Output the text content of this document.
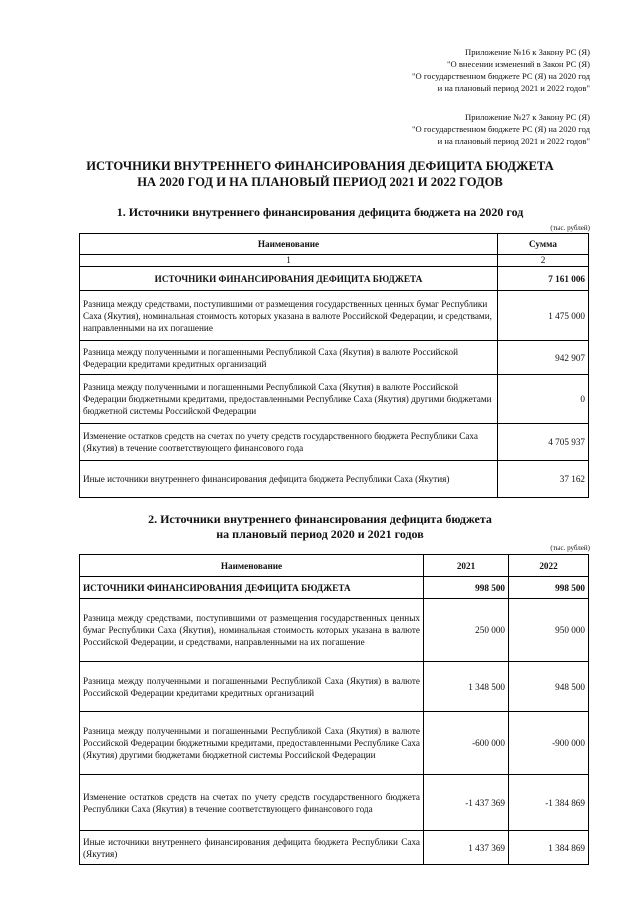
Приложение №16 к Закону РС (Я)
"О внесении изменений в Закон РС (Я)
"О государственном бюджете РС (Я) на 2020 год
и на плановый период 2021 и 2022 годов"
Приложение №27 к Закону РС (Я)
"О государственном бюджете РС (Я) на 2020 год
и на плановый период 2021 и 2022 годов"
ИСТОЧНИКИ ВНУТРЕННЕГО ФИНАНСИРОВАНИЯ ДЕФИЦИТА БЮДЖЕТА
НА 2020 ГОД И НА ПЛАНОВЫЙ ПЕРИОД 2021 И 2022 ГОДОВ
1. Источники внутреннего финансирования дефицита бюджета на 2020 год
(тыс. рублей)
Наименование	Сумма
1	2
ИСТОЧНИКИ ФИНАНСИРОВАНИЯ ДЕФИЦИТА БЮДЖЕТА	7 161 006
Разница между средствами, поступившими от размещения государственных ценных бумаг Республики Саха (Якутия), номинальная стоимость которых указана в валюте Российской Федерации, и средствами, направленными на их погашение	1 475 000
Разница между полученными и погашенными Республикой Саха (Якутия) в валюте Российской Федерации кредитами кредитных организаций	942 907
Разница между полученными и погашенными Республикой Саха (Якутия) в валюте Российской Федерации бюджетными кредитами, предоставленными Республике Саха (Якутия) другими бюджетами бюджетной системы Российской Федерации	0
Изменение остатков средств на счетах по учету средств государственного бюджета Республики Саха (Якутия) в течение соответствующего финансового года	4 705 937
Иные источники внутреннего финансирования дефицита бюджета Республики Саха (Якутия)	37 162
2. Источники внутреннего финансирования дефицита бюджета
на плановый период 2020 и 2021 годов
(тыс. рублей)
Наименование	2021	2022
ИСТОЧНИКИ ФИНАНСИРОВАНИЯ ДЕФИЦИТА БЮДЖЕТА	998 500	998 500
Разница между средствами, поступившими от размещения государственных ценных бумаг Республики Саха (Якутия), номинальная стоимость которых указана в валюте Российской Федерации, и средствами, направленными на их погашение	250 000	950 000
Разница между полученными и погашенными Республикой Саха (Якутия) в валюте Российской Федерации кредитами кредитных организаций	1 348 500	948 500
Разница между полученными и погашенными Республикой Саха (Якутия) в валюте Российской Федерации бюджетными кредитами, предоставленными Республике Саха (Якутия) другими бюджетами бюджетной системы Российской Федерации	-600 000	-900 000
Изменение остатков средств на счетах по учету средств государственного бюджета Республики Саха (Якутия) в течение соответствующего финансового года	-1 437 369	-1 384 869
Иные источники внутреннего финансирования дефицита бюджета Республики Саха (Якутия)	1 437 369	1 384 869
